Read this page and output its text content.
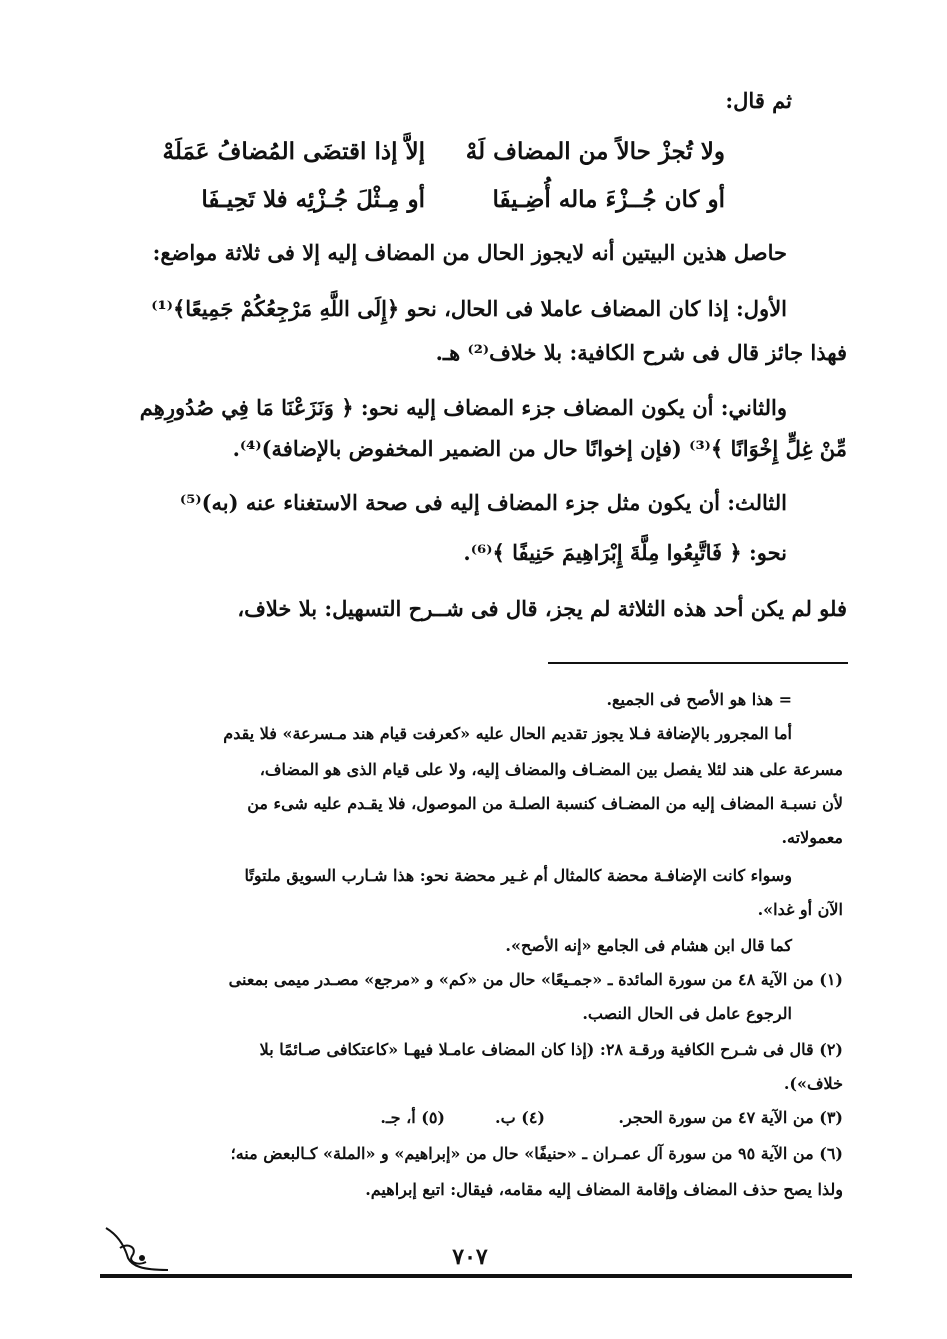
ثم قال:
ولا تُجزْ حالاً من المضاف لَهْ
إلاَّ إذا اقتضَى المُضافُ عَمَلَهْ
أو كان جُــزْءَ ماله أُضِـيفَا
أو مِـثْلَ جُـزْئِه فلا تَحِيـفَا
حاصل هذين البيتين أنه لايجوز الحال من المضاف إليه إلا فى ثلاثة مواضع:
الأول: إذا كان المضاف عاملا فى الحال، نحو ﴿إِلَى اللَّهِ مَرْجِعُكُمْ جَمِيعًا﴾⁽¹⁾
فهذا جائز قال فى شرح الكافية: بلا خلاف⁽²⁾ هـ.
والثاني: أن يكون المضاف جزء المضاف إليه نحو: ﴿ وَنَزَعْنَا مَا فِي صُدُورِهِم
مِّنْ غِلٍّ إِخْوَانًا ﴾⁽³⁾ (فإن إخوانًا حال من الضمير المخفوض بالإضافة)⁽⁴⁾.
الثالث: أن يكون مثل جزء المضاف إليه فى صحة الاستغناء عنه (به)⁽⁵⁾
نحو: ﴿ فَاتَّبِعُوا مِلَّةَ إِبْرَاهِيمَ حَنِيفًا ﴾⁽⁶⁾.
فلو لم يكن أحد هذه الثلاثة لم يجز، قال فى شــرح التسهيل: بلا خلاف،
= هذا هو الأصح فى الجميع.
أما المجرور بالإضافة فـلا يجوز تقديم الحال عليه «كعرفت قيام هند مـسرعة» فلا يقدم
مسرعة على هند لئلا يفصل بين المضـاف والمضاف إليه، ولا على قيام الذى هو المضاف،
لأن نسبـة المضاف إليه من المضـاف كنسبة الصلـة من الموصول، فلا يقـدم عليه شىء من
معمولاته.
وسواء كانت الإضافـة محضة كالمثال أم غـير محضة نحو: هذا شـارب السويق ملتوتًا
الآن أو غدا».
كما قال ابن هشام فى الجامع «إنه الأصح».
(١) من الآية ٤٨ من سورة المائدة ـ «جمـيعًا» حال من «كم» و «مرجع» مصـدر ميمى بمعنى
الرجوع عامل فى الحال النصب.
(٢) قال فى شـرح الكافية ورقـة ٢٨: (إذا كان المضاف عامـلا فيهـا «كاعتكافى صـائمًا بلا
خلاف»).
(٣) من الآية ٤٧ من سورة الحجر.
(٤) ب.
(٥) أ، جـ.
(٦) من الآية ٩٥ من سورة آل عمـران ـ «حنيفًا» حال من «إبراهيم» و «الملة» كـالبعض منه؛
ولذا يصح حذف المضاف وإقامة المضاف إليه مقامه، فيقال: اتبع إبراهيم.
٧٠٧
